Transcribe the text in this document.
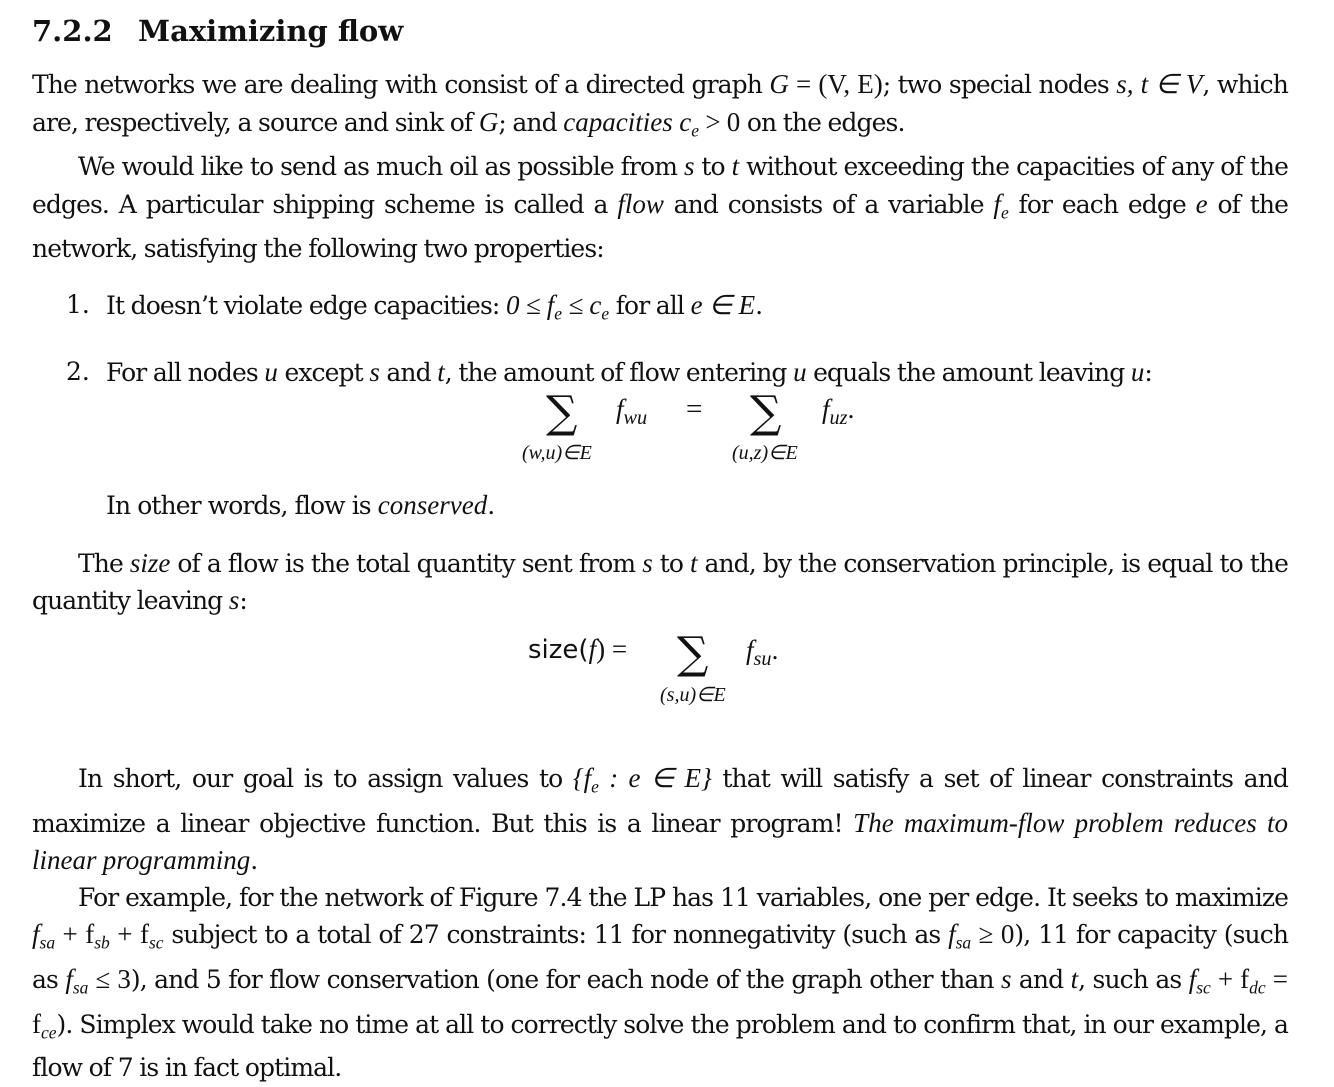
7.2.2 Maximizing flow

The networks we are dealing with consist of a directed graph G = (V, E); two special nodes s, t ∈ V, which are, respectively, a source and sink of G; and capacities $c_e > 0$ on the edges.

We would like to send as much oil as possible from s to t without exceeding the capacities of any of the edges. A particular shipping scheme is called a flow and consists of a variable $f_e$ for each edge e of the network, satisfying the following two properties:

1. It doesn’t violate edge capacities: $0 \le f_e \le c_e$ for all e ∈ E.
2. For all nodes u except s and t, the amount of flow entering u equals the amount leaving u:
∑ $f_{wu}$
(w,u)∈E
= ∑ $f_{uz}$.
(u,z)∈E
In other words, flow is conserved.

The size of a flow is the total quantity sent from s to t and, by the conservation principle, is equal to the quantity leaving s:

size(f) = ∑ $f_{su}$.
(s,u)∈E

In short, our goal is to assign values to {$f_e$ : e ∈ E} that will satisfy a set of linear constraints and maximize a linear objective function. But this is a linear program! The maximum-flow problem reduces to linear programming.

For example, for the network of Figure 7.4 the LP has 11 variables, one per edge. It seeks to maximize $f_{sa} + f_{sb} + f_{sc}$ subject to a total of 27 constraints: 11 for nonnegativity (such as $f_{sa} \ge 0$), 11 for capacity (such as $f_{sa} \le 3$), and 5 for flow conservation (one for each node of the graph other than s and t, such as $f_{sc} + f_{dc} = f_{ce}$). Simplex would take no time at all to correctly solve the problem and to confirm that, in our example, a flow of 7 is in fact optimal.
